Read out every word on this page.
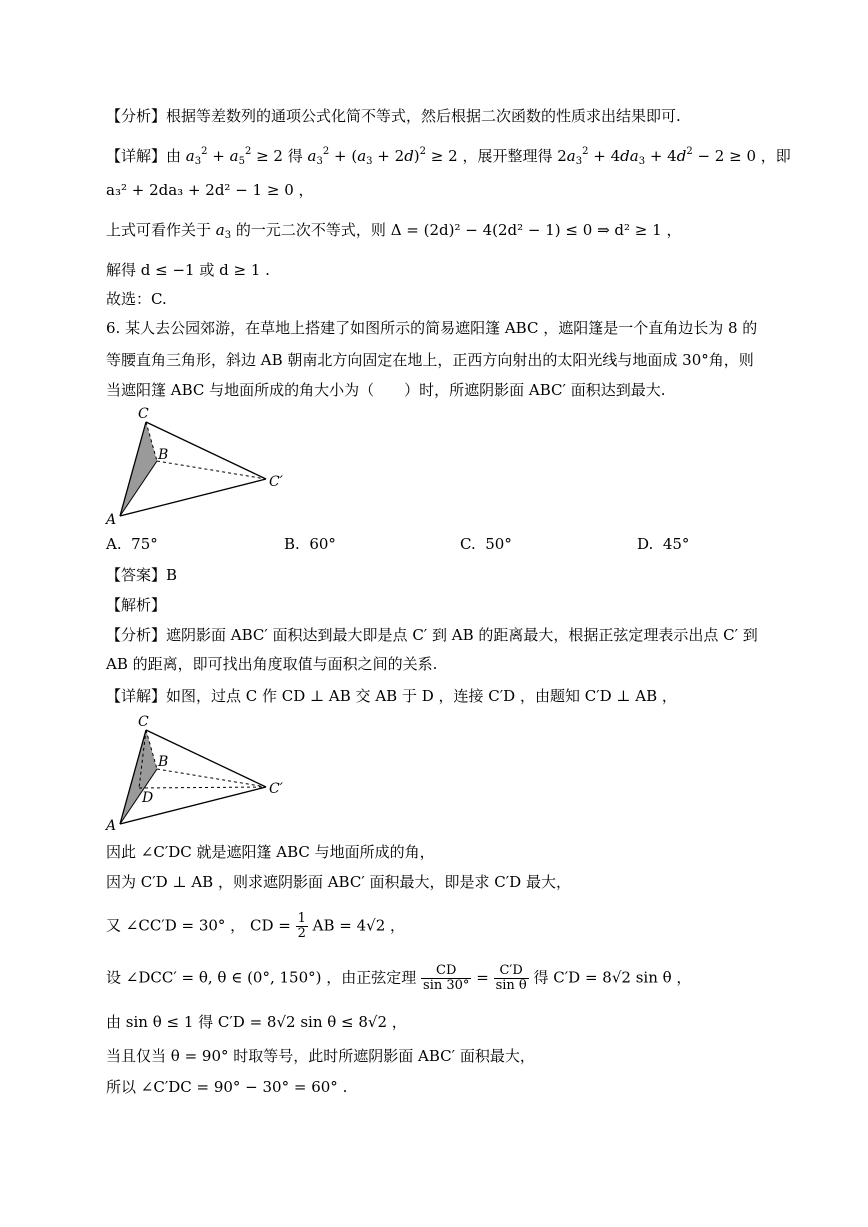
【分析】根据等差数列的通项公式化简不等式，然后根据二次函数的性质求出结果即可.
【详解】由 $a_3^2 + a_5^2 \ge 2$ 得 $a_3^2 + (a_3 + 2d)^2 \ge 2$ ，展开整理得 $2a_3^2 + 4da_3 + 4d^2 - 2 \ge 0$ ，即
a₃² + 2da₃ + 2d² − 1 ≥ 0 ，
上式可看作关于 $a_3$ 的一元二次不等式，则 Δ = (2d)² − 4(2d² − 1) ≤ 0 ⇒ d² ≥ 1 ，
解得 d ≤ −1 或 d ≥ 1 .
故选：C.
6. 某人去公园郊游，在草地上搭建了如图所示的简易遮阳篷 ABC ，遮阳篷是一个直角边长为 8 的
等腰直角三角形，斜边 AB 朝南北方向固定在地上，正西方向射出的太阳光线与地面成 30°角，则
当遮阳篷 ABC 与地面所成的角大小为（　　）时，所遮阴影面 ABC′ 面积达到最大.
C
B
A
C′
A. 75°	B. 60°	C. 50°	D. 45°
【答案】B
【解析】
【分析】遮阴影面 ABC′ 面积达到最大即是点 C′ 到 AB 的距离最大，根据正弦定理表示出点 C′ 到
AB 的距离，即可找出角度取值与面积之间的关系.
【详解】如图，过点 C 作 CD ⊥ AB 交 AB 于 D ，连接 C′D ，由题知 C′D ⊥ AB ，
C
B
D
A
C′
因此 ∠C′DC 就是遮阳篷 ABC 与地面所成的角，
因为 C′D ⊥ AB ，则求遮阴影面 ABC′ 面积最大，即是求 C′D 最大，
又 ∠CC′D = 30° ， CD = $\frac{1}{2}$ AB = 4√2 ，
设 ∠DCC′ = θ, θ ∈ (0°, 150°) ，由正弦定理 $\frac{CD}{\sin 30^\circ} = \frac{C'D}{\text{sin θ}}$ 得 C′D = 8√2 sin θ ，
由 sin θ ≤ 1 得 C′D = 8√2 sin θ ≤ 8√2 ，
当且仅当 θ = 90° 时取等号，此时所遮阴影面 ABC′ 面积最大，
所以 ∠C′DC = 90° − 30° = 60° .
